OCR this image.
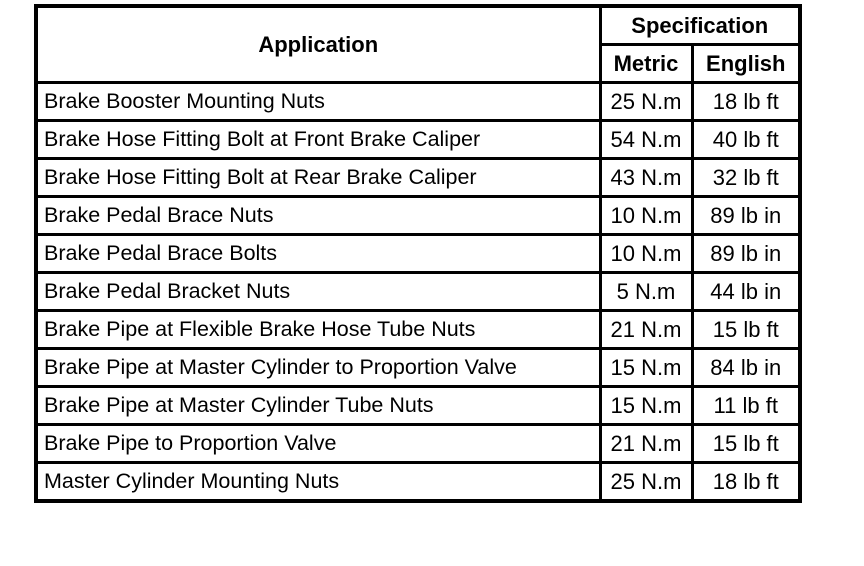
Application	Specification	
	Metric	English
Brake Booster Mounting Nuts	25 N.m	18 lb ft
Brake Hose Fitting Bolt at Front Brake Caliper	54 N.m	40 lb ft
Brake Hose Fitting Bolt at Rear Brake Caliper	43 N.m	32 lb ft
Brake Pedal Brace Nuts	10 N.m	89 lb in
Brake Pedal Brace Bolts	10 N.m	89 lb in
Brake Pedal Bracket Nuts	5 N.m	44 lb in
Brake Pipe at Flexible Brake Hose Tube Nuts	21 N.m	15 lb ft
Brake Pipe at Master Cylinder to Proportion Valve	15 N.m	84 lb in
Brake Pipe at Master Cylinder Tube Nuts	15 N.m	11 lb ft
Brake Pipe to Proportion Valve	21 N.m	15 lb ft
Master Cylinder Mounting Nuts	25 N.m	18 lb ft
